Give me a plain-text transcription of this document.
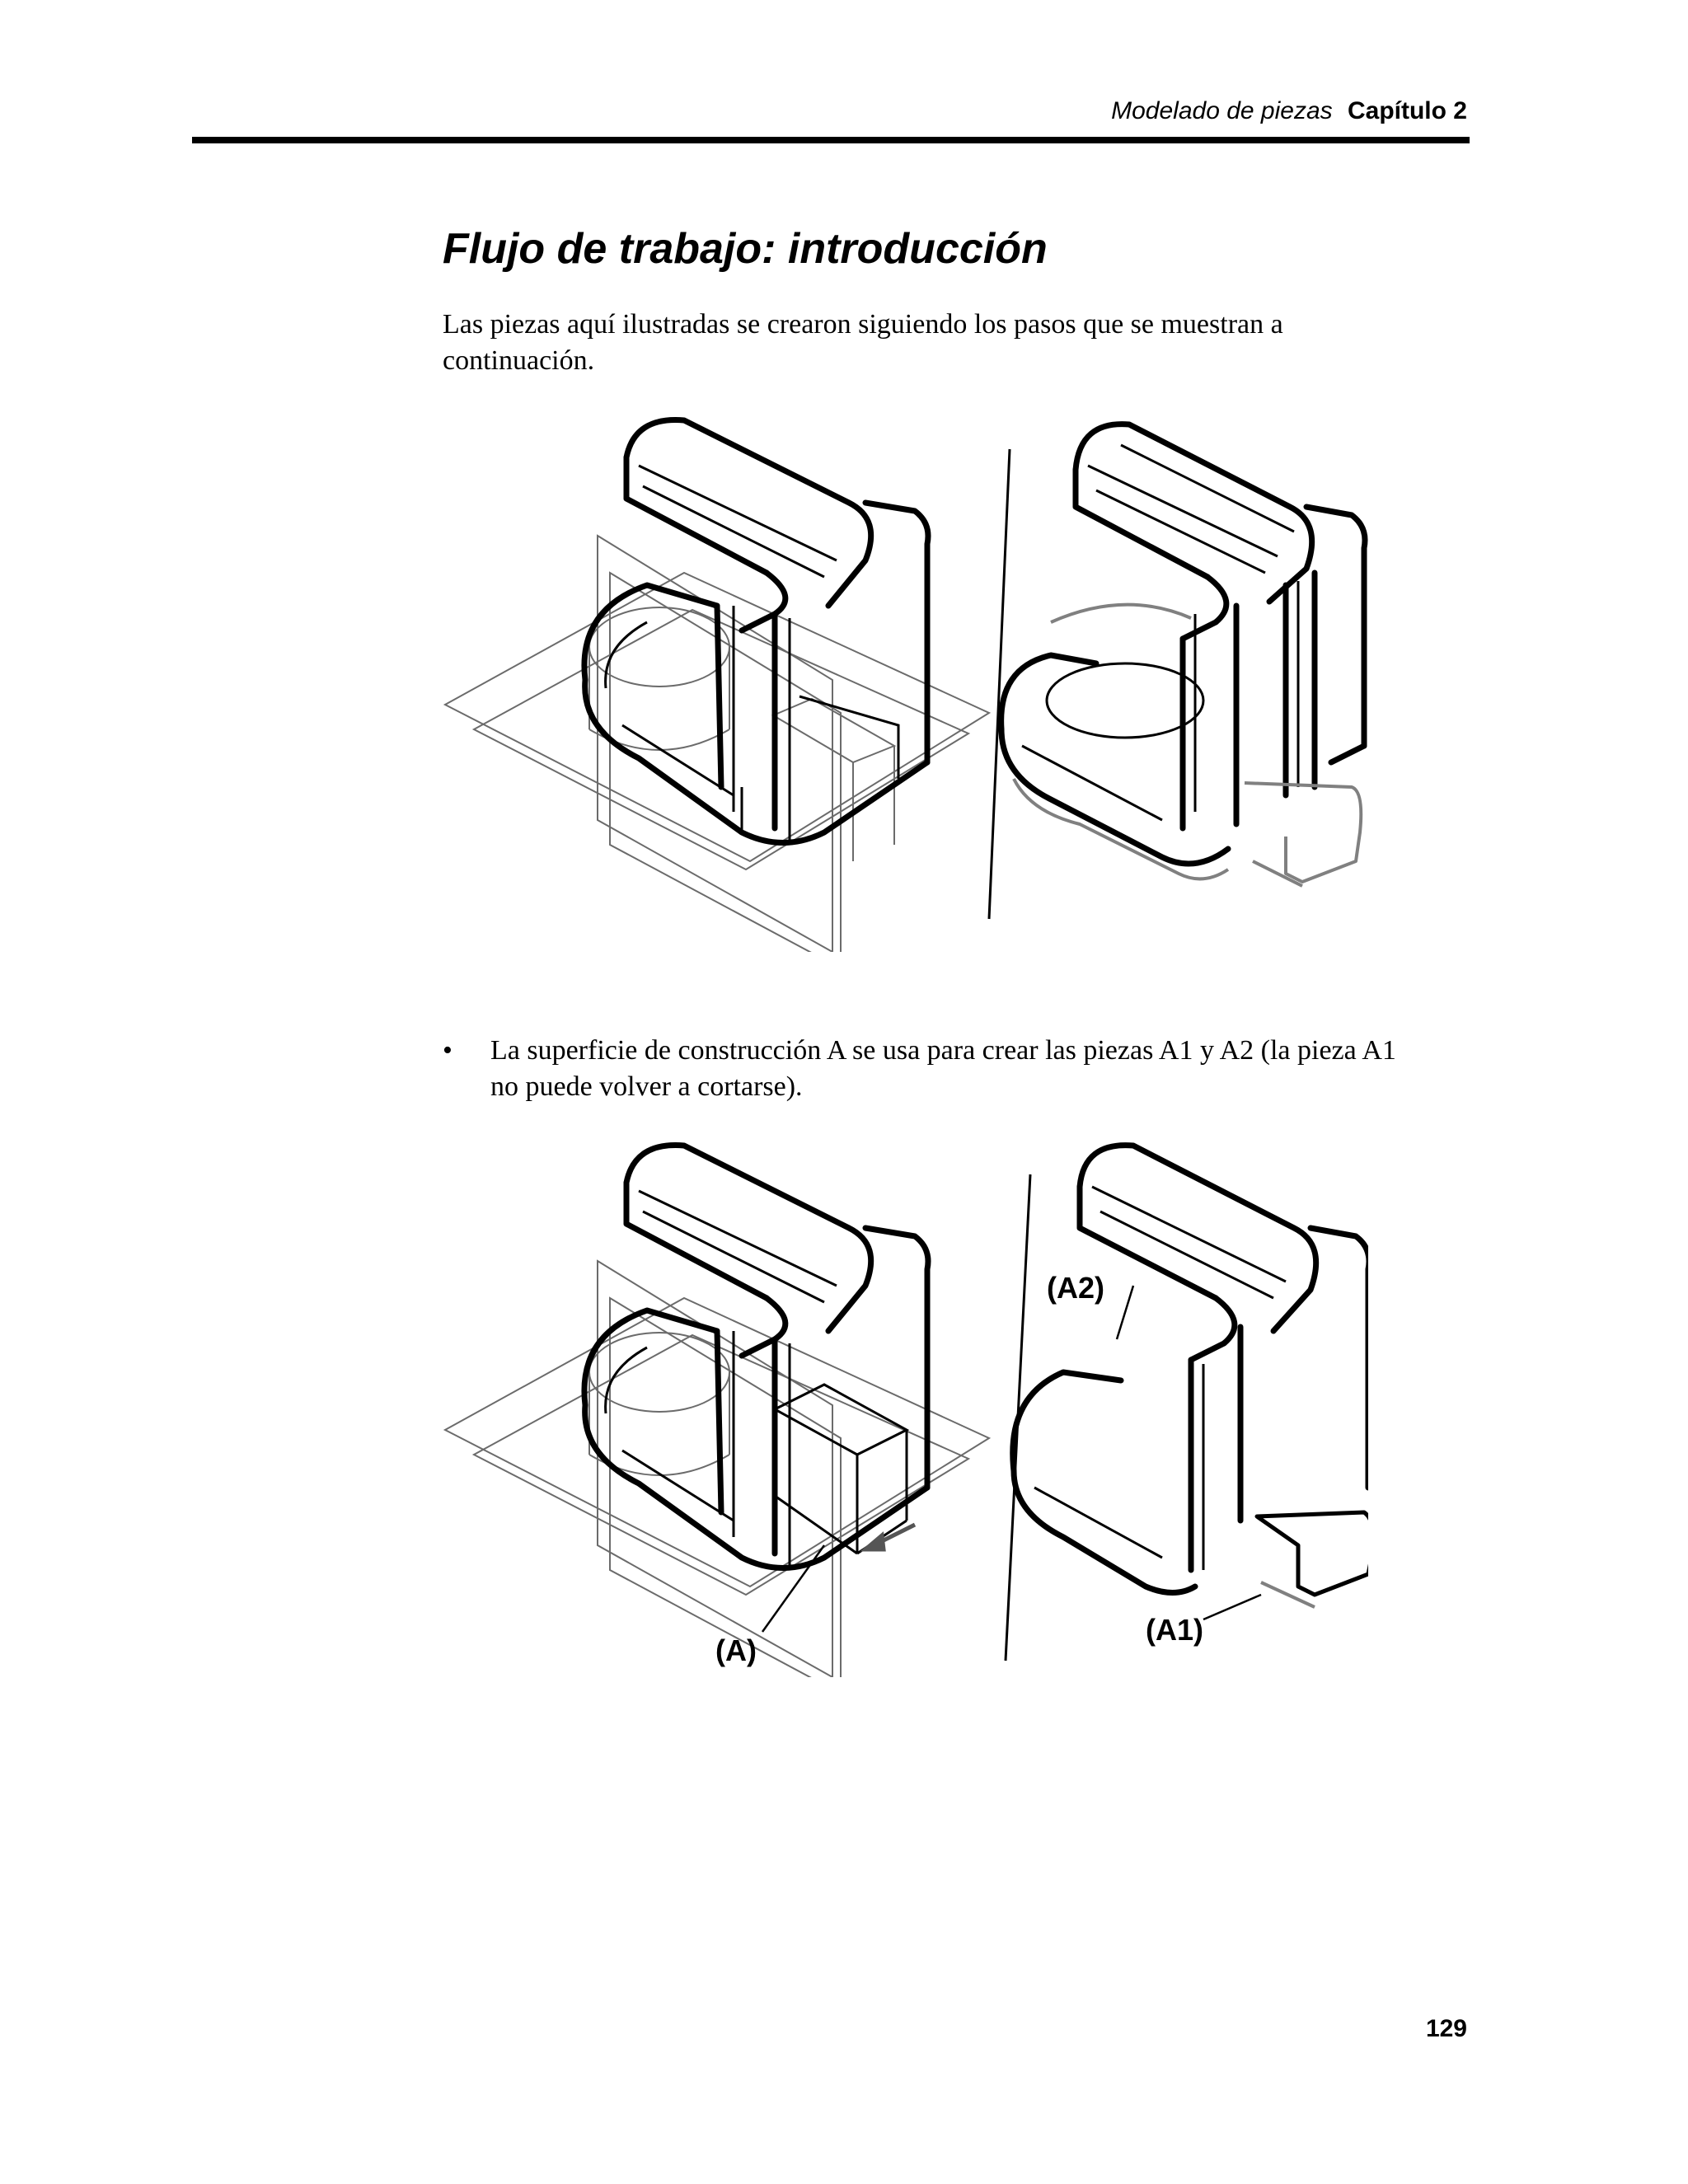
Modelado de piezas Capítulo 2
Flujo de trabajo: introducción

Las piezas aquí ilustradas se crearon siguiendo los pasos que se muestran a continuación.

• La superficie de construcción A se usa para crear las piezas A1 y A2 (la pieza A1 no puede volver a cortarse).
(A)
(A2)
(A1)
129
